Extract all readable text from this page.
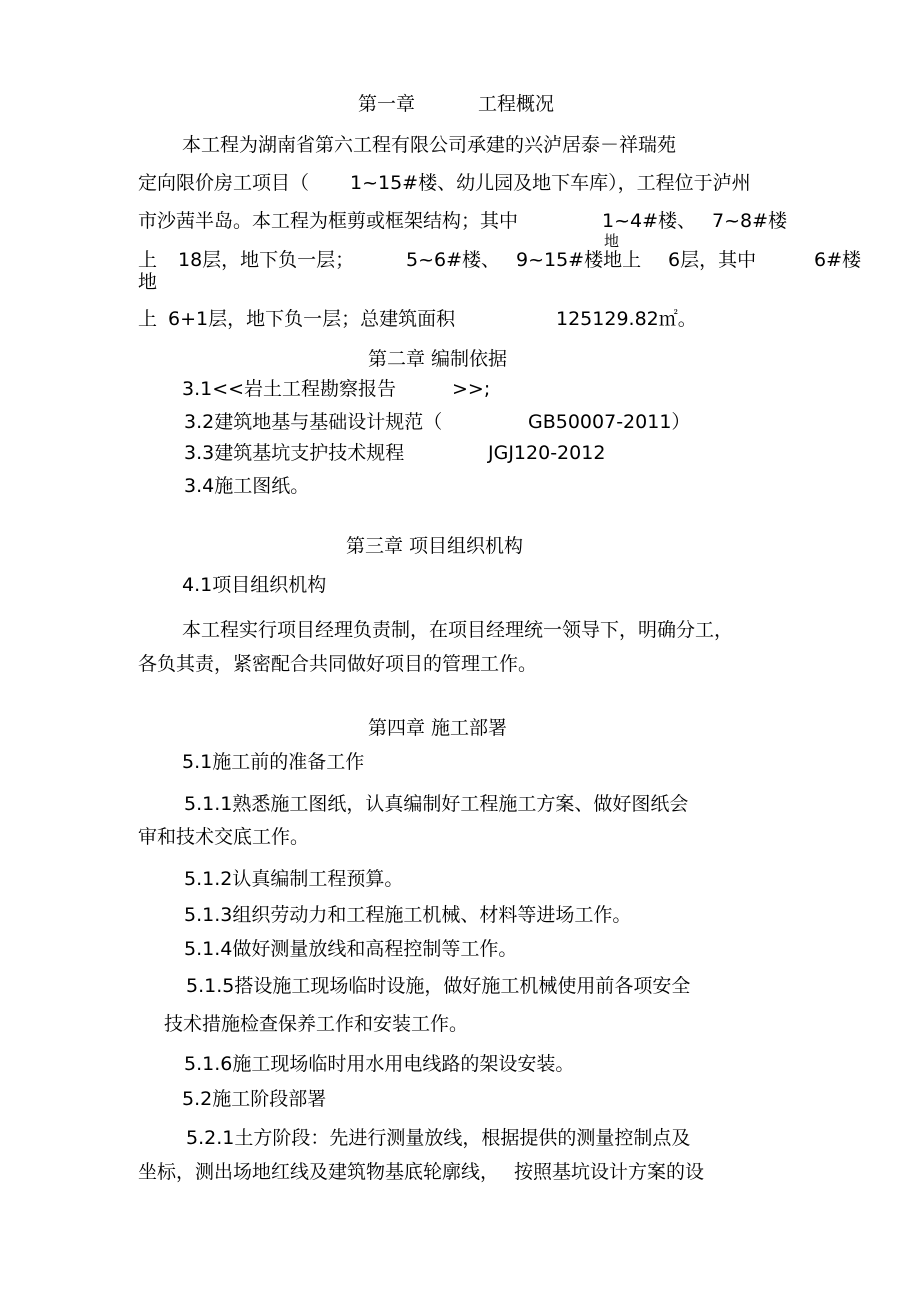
第一章	工程概况
本工程为湖南省第六工程有限公司承建的兴泸居泰－祥瑞苑
定向限价房工项目（ 1~15#楼、幼儿园及地下车库），工程位于泸州
市沙茜半岛。本工程为框剪或框架结构；其中	1~4#楼、 7~8#楼
地
上 18层，地下负一层；	5~6#楼、 9~15#楼地上 6层，其中	6#楼
地
上 6+1层，地下负一层；总建筑面积	125129.82㎡。
第二章 编制依据
3.1<<岩土工程勘察报告	>>;
3.2建筑地基与基础设计规范（	GB50007-2011）
3.3建筑基坑支护技术规程	JGJ120-2012
3.4施工图纸。
第三章 项目组织机构
4.1项目组织机构
本工程实行项目经理负责制，在项目经理统一领导下，明确分工，
各负其责，紧密配合共同做好项目的管理工作。
第四章 施工部署
5.1施工前的准备工作
5.1.1熟悉施工图纸，认真编制好工程施工方案、做好图纸会
审和技术交底工作。
5.1.2认真编制工程预算。
5.1.3组织劳动力和工程施工机械、材料等进场工作。
5.1.4做好测量放线和高程控制等工作。
5.1.5搭设施工现场临时设施，做好施工机械使用前各项安全
技术措施检查保养工作和安装工作。
5.1.6施工现场临时用水用电线路的架设安装。
5.2施工阶段部署
5.2.1土方阶段：先进行测量放线，根据提供的测量控制点及
坐标，测出场地红线及建筑物基底轮廓线， 按照基坑设计方案的设
